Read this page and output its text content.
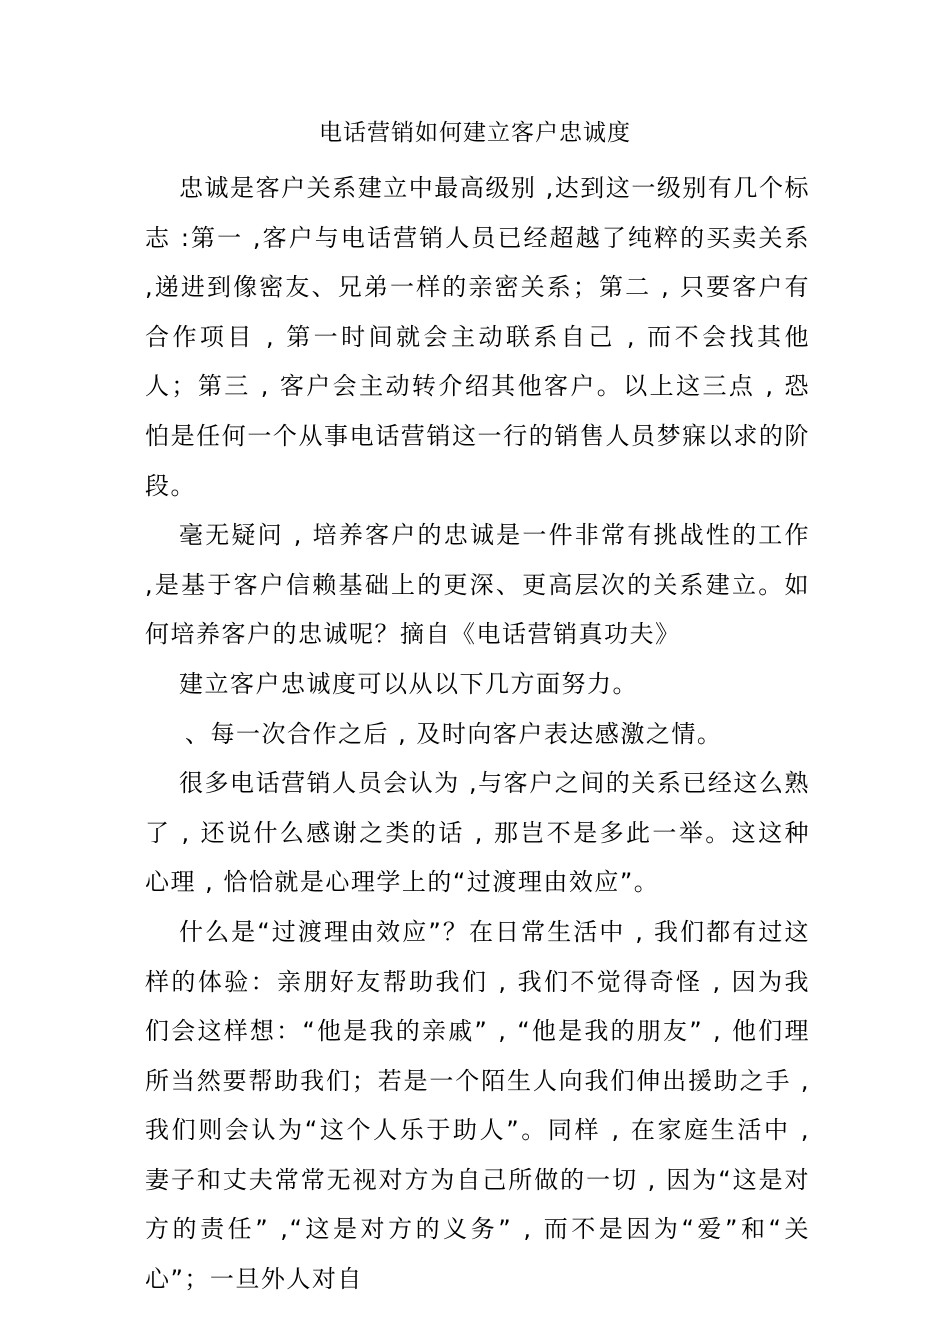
电话营销如何建立客户忠诚度

忠诚是客户关系建立中最高级别 ,达到这一级别有几个标志 :第一 ,客户与电话营销人员已经超越了纯粹的买卖关系 ,递进到像密友、兄弟一样的亲密关系；第二 , 只要客户有合作项目 , 第一时间就会主动联系自己 , 而不会找其他人；第三 , 客户会主动转介绍其他客户。以上这三点 , 恐怕是任何一个从事电话营销这一行的销售人员梦寐以求的阶段。

毫无疑问 , 培养客户的忠诚是一件非常有挑战性的工作 ,是基于客户信赖基础上的更深、更高层次的关系建立。如何培养客户的忠诚呢？摘自《电话营销真功夫》

建立客户忠诚度可以从以下几方面努力。

、每一次合作之后 , 及时向客户表达感激之情。

很多电话营销人员会认为 ,与客户之间的关系已经这么熟了 , 还说什么感谢之类的话 , 那岂不是多此一举。这这种心理 , 恰恰就是心理学上的“过渡理由效应”。

什么是“过渡理由效应”？在日常生活中 , 我们都有过这样的体验：亲朋好友帮助我们 , 我们不觉得奇怪 , 因为我们会这样想：“他是我的亲戚” , “他是我的朋友” , 他们理所当然要帮助我们；若是一个陌生人向我们伸出援助之手 , 我们则会认为“这个人乐于助人”。同样 , 在家庭生活中 , 妻子和丈夫常常无视对方为自己所做的一切 , 因为“这是对方的责任” ,“这是对方的义务” , 而不是因为“爱”和“关心”；一旦外人对自
